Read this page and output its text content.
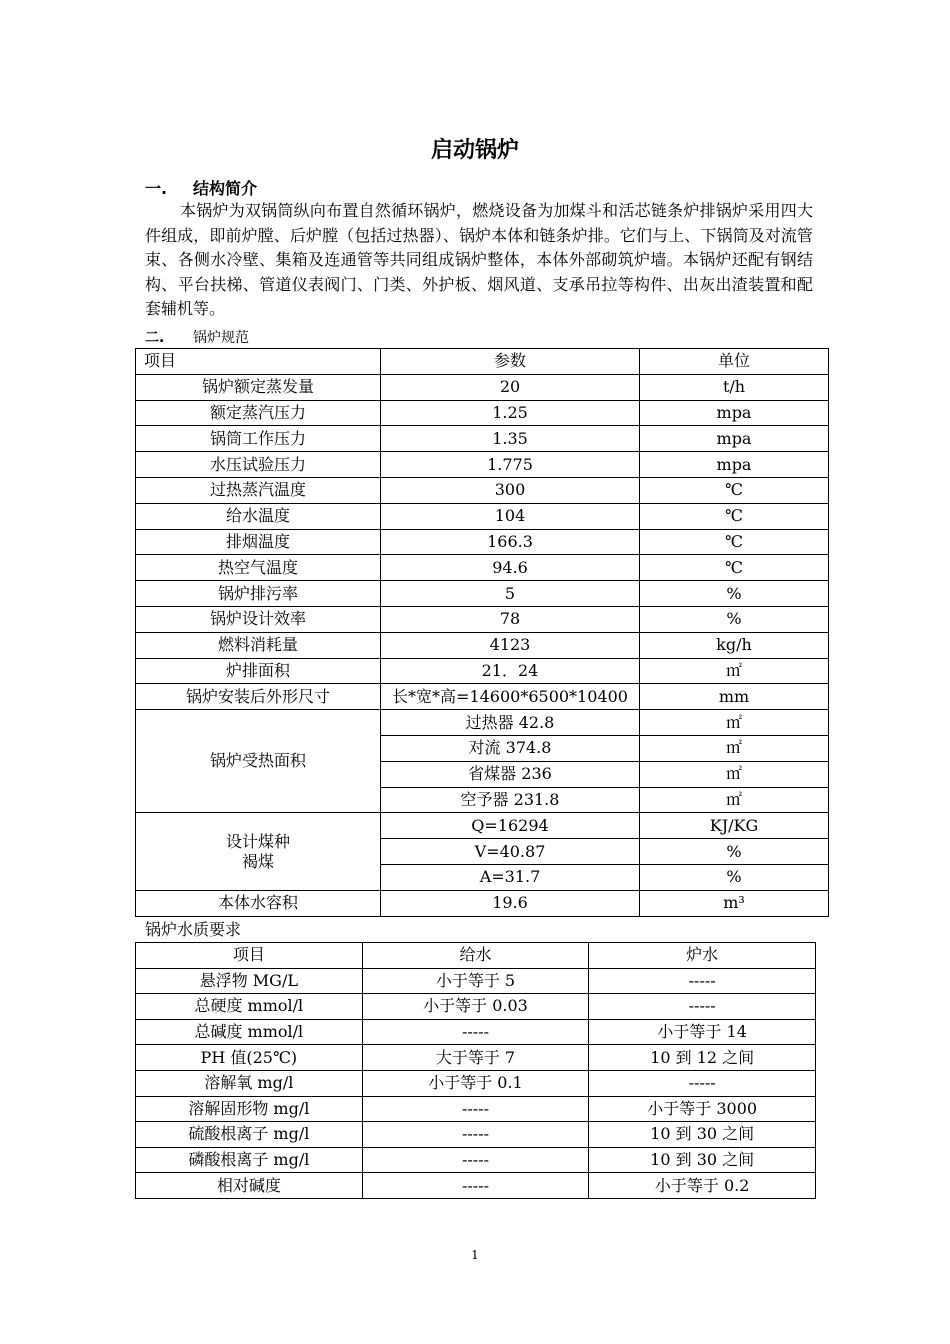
启动锅炉
一. 结构简介
本锅炉为双锅筒纵向布置自然循环锅炉，燃烧设备为加煤斗和活芯链条炉排锅炉采用四大件组成，即前炉膛、后炉膛（包括过热器）、锅炉本体和链条炉排。它们与上、下锅筒及对流管束、各侧水冷壁、集箱及连通管等共同组成锅炉整体，本体外部砌筑炉墙。本锅炉还配有钢结构、平台扶梯、管道仪表阀门、门类、外护板、烟风道、支承吊拉等构件、出灰出渣装置和配套辅机等。
二. 锅炉规范
项目	参数	单位
锅炉额定蒸发量	20	t/h
额定蒸汽压力	1.25	mpa
锅筒工作压力	1.35	mpa
水压试验压力	1.775	mpa
过热蒸汽温度	300	℃
给水温度	104	℃
排烟温度	166.3	℃
热空气温度	94.6	℃
锅炉排污率	5	%
锅炉设计效率	78	%
燃料消耗量	4123	kg/h
炉排面积	21．24	㎡
锅炉安装后外形尺寸	长*宽*高=14600*6500*10400	mm
锅炉受热面积	过热器 42.8	㎡
	对流 374.8	㎡
	省煤器 236	㎡
	空予器 231.8	㎡

设计煤种
褐煤	Q=16294	KJ/KG
	V=40.87	%
	A=31.7	%
本体水容积	19.6	m³
锅炉水质要求
项目	给水	炉水
悬浮物 MG/L	小于等于 5	-----
总硬度 mmol/l	小于等于 0.03	-----
总碱度 mmol/l	-----	小于等于 14
PH 值(25℃)	大于等于 7	10 到 12 之间
溶解氧 mg/l	小于等于 0.1	-----
溶解固形物 mg/l	-----	小于等于 3000
硫酸根离子 mg/l	-----	10 到 30 之间
磷酸根离子 mg/l	-----	10 到 30 之间
相对碱度	-----	小于等于 0.2
1
